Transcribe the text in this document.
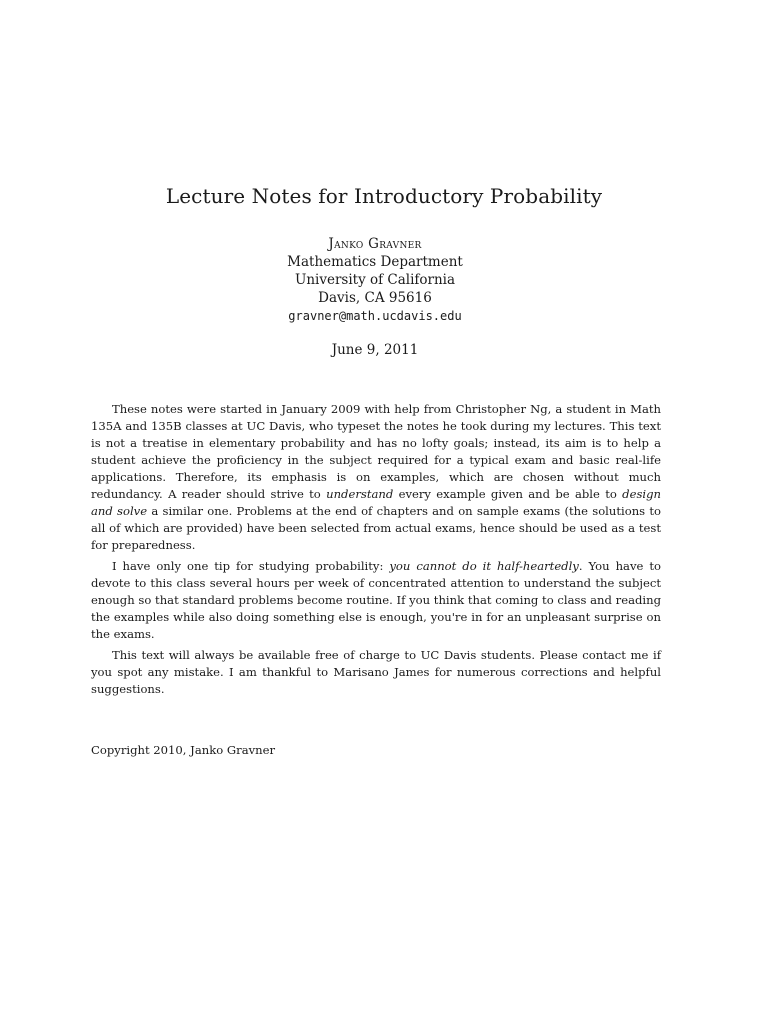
Lecture Notes for Introductory Probability
Janko Gravner
Mathematics Department
University of California
Davis, CA 95616
gravner@math.ucdavis.edu
June 9, 2011

These notes were started in January 2009 with help from Christopher Ng, a student in Math 135A and 135B classes at UC Davis, who typeset the notes he took during my lectures. This text is not a treatise in elementary probability and has no lofty goals; instead, its aim is to help a student achieve the proficiency in the subject required for a typical exam and basic real-life applications. Therefore, its emphasis is on examples, which are chosen without much redundancy. A reader should strive to understand every example given and be able to design and solve a similar one. Problems at the end of chapters and on sample exams (the solutions to all of which are provided) have been selected from actual exams, hence should be used as a test for preparedness.

I have only one tip for studying probability: you cannot do it half-heartedly. You have to devote to this class several hours per week of concentrated attention to understand the subject enough so that standard problems become routine. If you think that coming to class and reading the examples while also doing something else is enough, you're in for an unpleasant surprise on the exams.

This text will always be available free of charge to UC Davis students. Please contact me if you spot any mistake. I am thankful to Marisano James for numerous corrections and helpful suggestions.

Copyright 2010, Janko Gravner
